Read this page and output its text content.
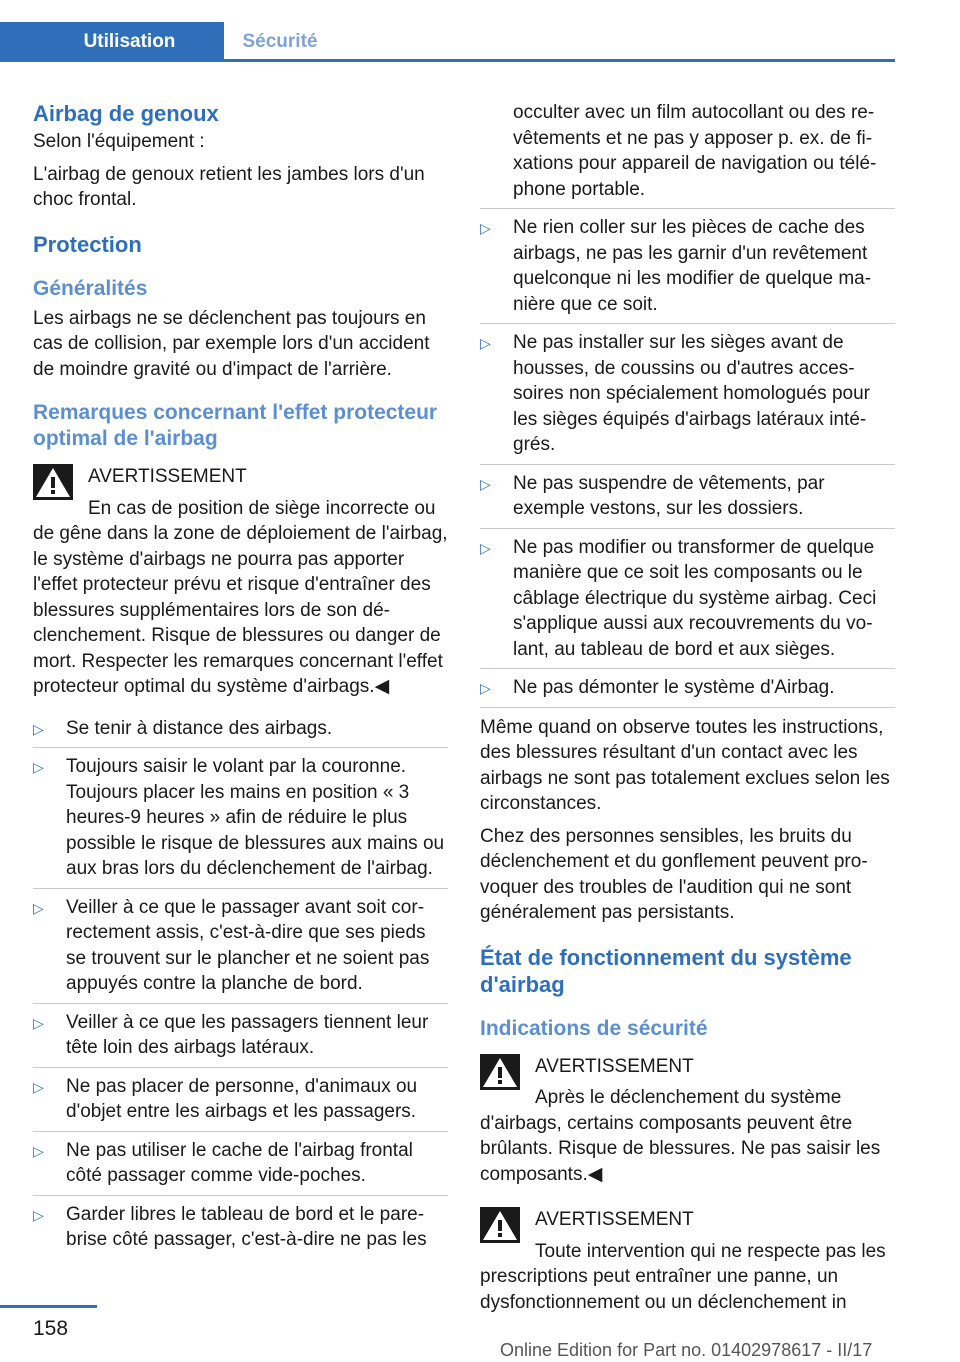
Utilisation	Sécurité
Airbag de genoux

Selon l'équipement :

L'airbag de genoux retient les jambes lors d'un choc frontal.

Protection
Généralités

Les airbags ne se déclenchent pas toujours en cas de collision, par exemple lors d'un accident de moindre gravité ou d'impact de l'arrière.

Remarques concernant l'effet protecteur optimal de l'airbag
AVERTISSEMENT

En cas de position de siège incorrecte ou de gêne dans la zone de déploiement de l'airbag, le système d'airbags ne pourra pas apporter l'effet protecteur prévu et risque d'entraîner des blessures supplémentaires lors de son déclenchement. Risque de blessures ou danger de mort. Respecter les remarques concernant l'effet protecteur optimal du système d'airbags.◀

▷ Se tenir à distance des airbags.
▷ Toujours saisir le volant par la couronne. Toujours placer les mains en position « 3 heures-9 heures » afin de réduire le plus possible le risque de blessures aux mains ou aux bras lors du déclenchement de l'airbag.
▷ Veiller à ce que le passager avant soit correctement assis, c'est-à-dire que ses pieds se trouvent sur le plancher et ne soient pas appuyés contre la planche de bord.
▷ Veiller à ce que les passagers tiennent leur tête loin des airbags latéraux.
▷ Ne pas placer de personne, d'animaux ou d'objet entre les airbags et les passagers.
▷ Ne pas utiliser le cache de l'airbag frontal côté passager comme vide-poches.
▷ Garder libres le tableau de bord et le pare-brise côté passager, c'est-à-dire ne pas les

occulter avec un film autocollant ou des revêtements et ne pas y apposer p. ex. de fixations pour appareil de navigation ou téléphone portable.

▷ Ne rien coller sur les pièces de cache des airbags, ne pas les garnir d'un revêtement quelconque ni les modifier de quelque manière que ce soit.
▷ Ne pas installer sur les sièges avant de housses, de coussins ou d'autres accessoires non spécialement homologués pour les sièges équipés d'airbags latéraux intégrés.
▷ Ne pas suspendre de vêtements, par exemple vestons, sur les dossiers.
▷ Ne pas modifier ou transformer de quelque manière que ce soit les composants ou le câblage électrique du système airbag. Ceci s'applique aussi aux recouvrements du volant, au tableau de bord et aux sièges.
▷ Ne pas démonter le système d'Airbag.

Même quand on observe toutes les instructions, des blessures résultant d'un contact avec les airbags ne sont pas totalement exclues selon les circonstances.

Chez des personnes sensibles, les bruits du déclenchement et du gonflement peuvent provoquer des troubles de l'audition qui ne sont généralement pas persistants.

État de fonctionnement du système d'airbag
Indications de sécurité
AVERTISSEMENT

Après le déclenchement du système d'airbags, certains composants peuvent être brûlants. Risque de blessures. Ne pas saisir les composants.◀

AVERTISSEMENT

Toute intervention qui ne respecte pas les prescriptions peut entraîner une panne, un dysfonctionnement ou un déclenchement in

158
Online Edition for Part no. 01402978617 - II/17
